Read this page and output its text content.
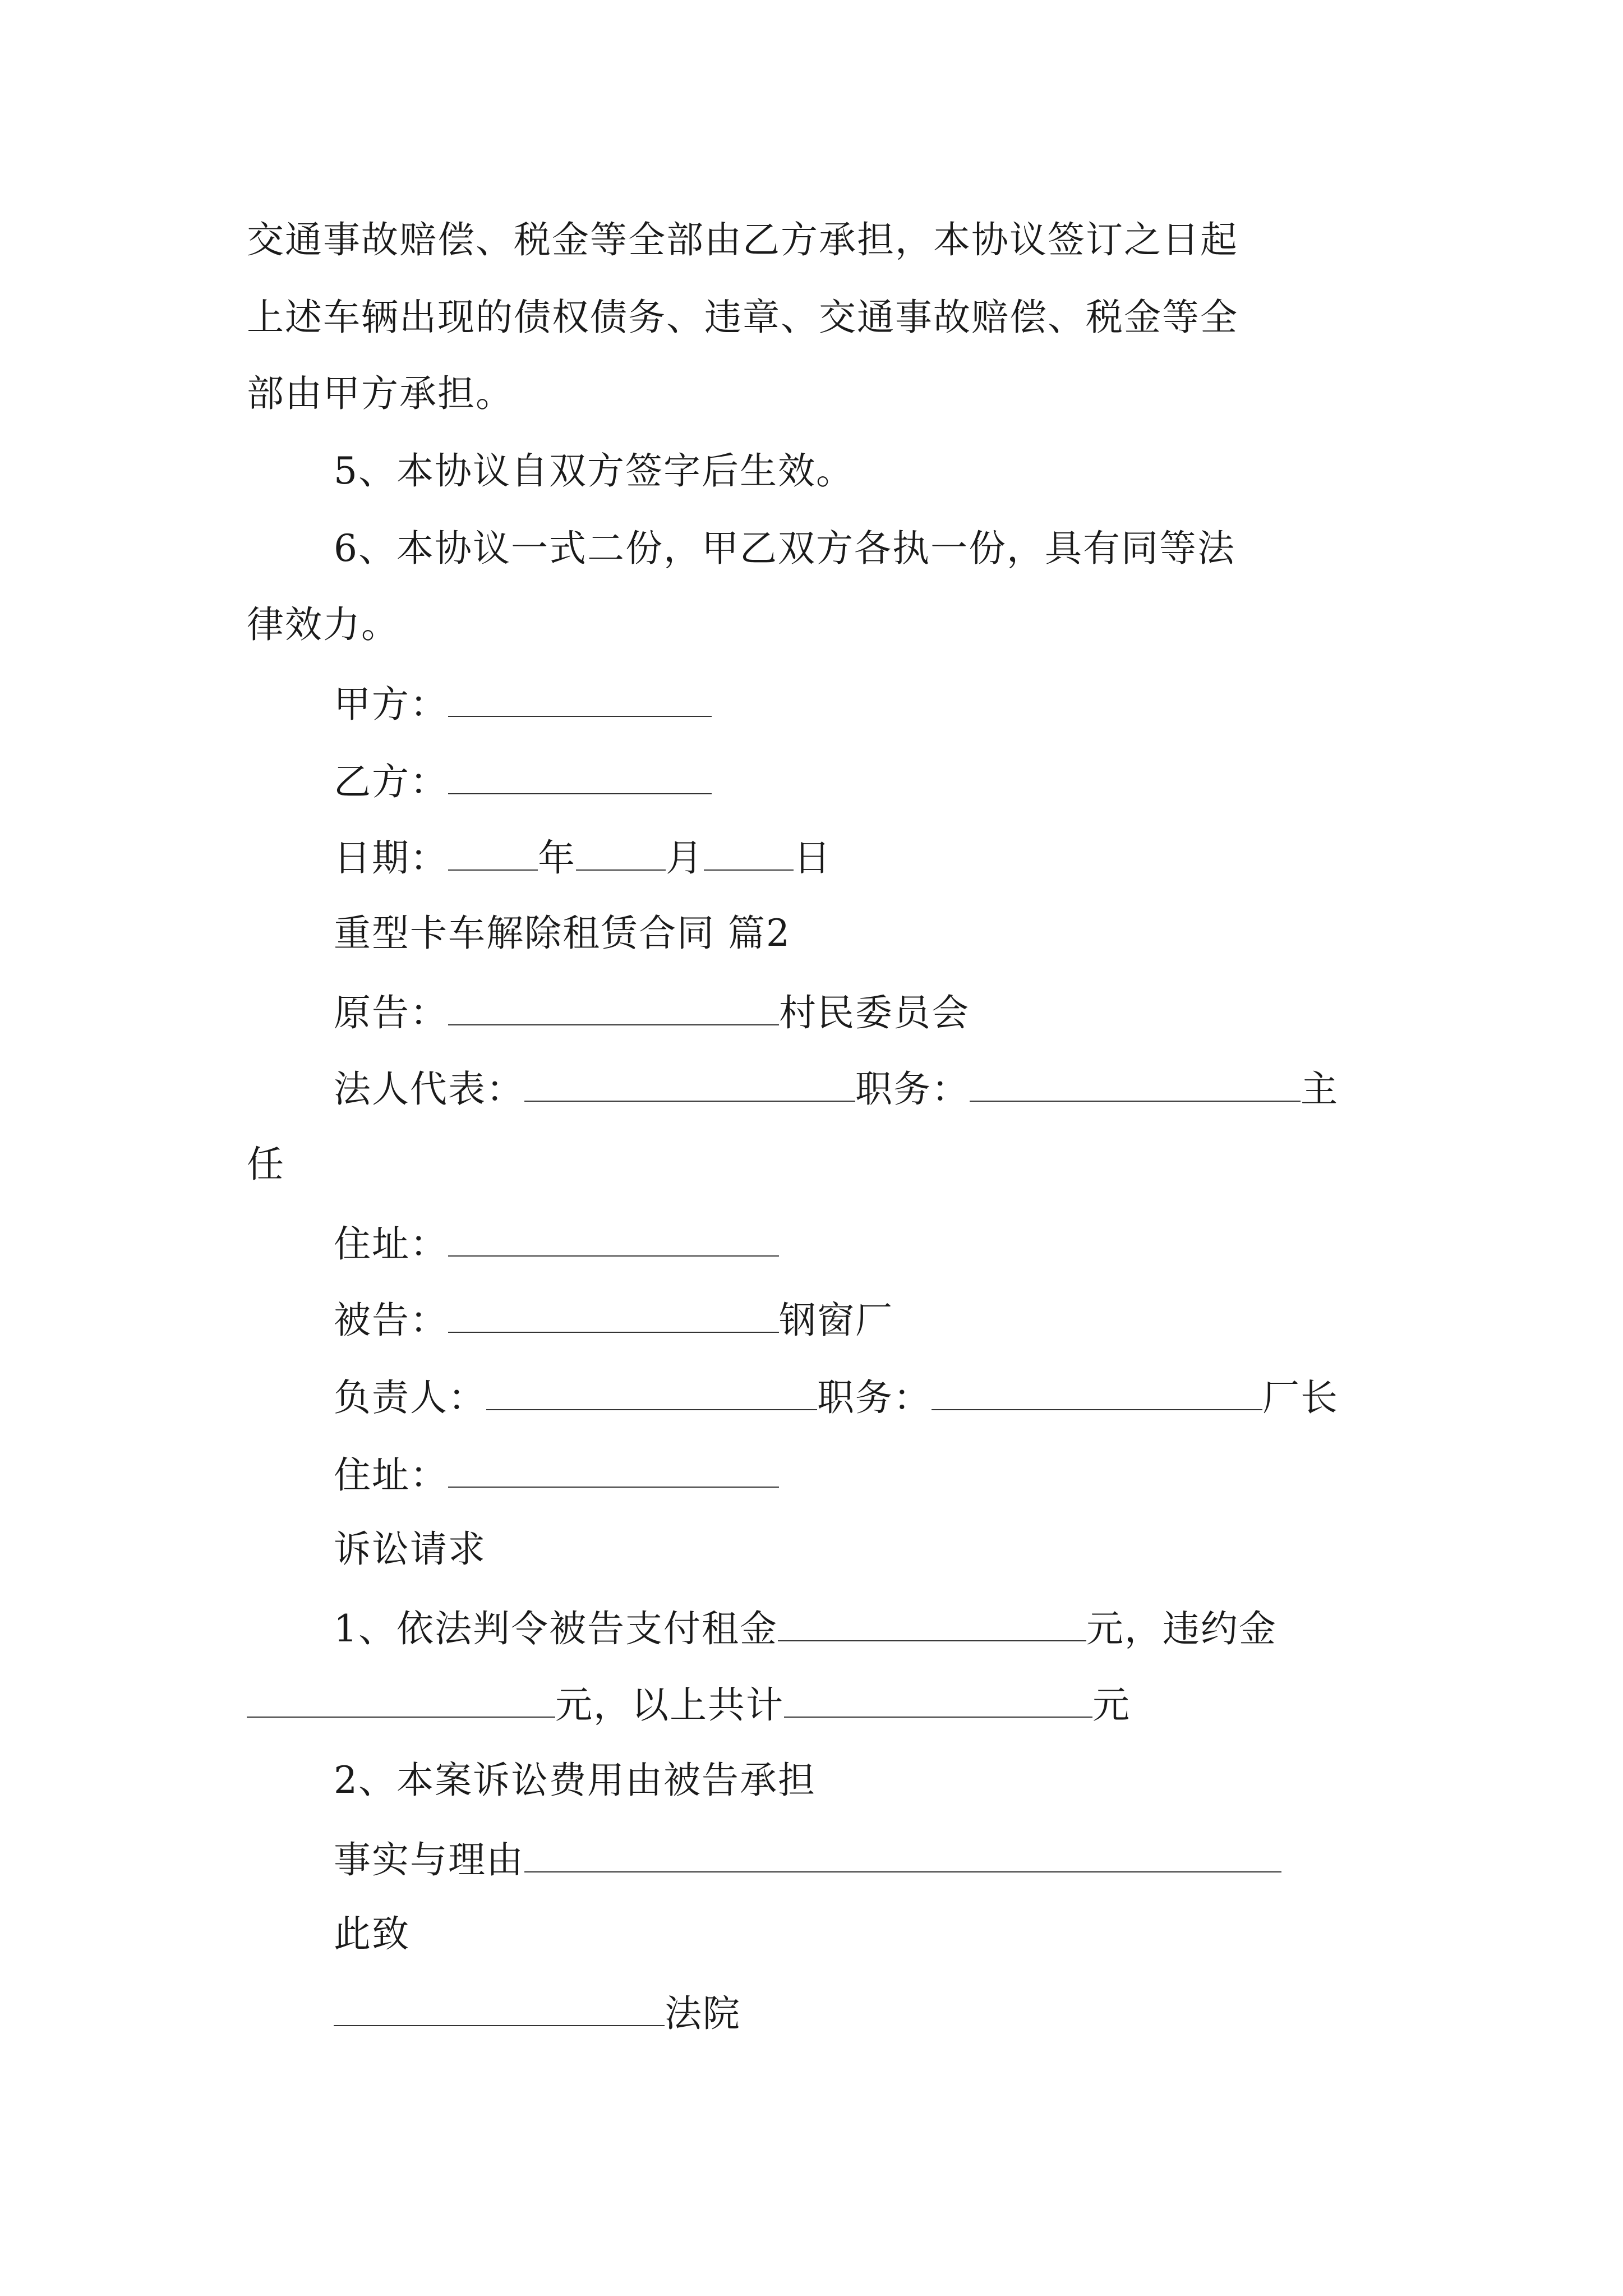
交通事故赔偿、税金等全部由乙方承担，本协议签订之日起
上述车辆出现的债权债务、违章、交通事故赔偿、税金等全
部由甲方承担。
5、本协议自双方签字后生效。
6、本协议一式二份，甲乙双方各执一份，具有同等法
律效力。
甲方：
乙方：
日期： 年 月 日
重型卡车解除租赁合同 篇2
原告：	村民委员会
法人代表：	职务：	主
任
住址：
被告：	钢窗厂
负责人：	职务：	厂长
住址：
诉讼请求
1、依法判令被告支付租金	元，违约金
元，以上共计	元
2、本案诉讼费用由被告承担
事实与理由
此致
法院
